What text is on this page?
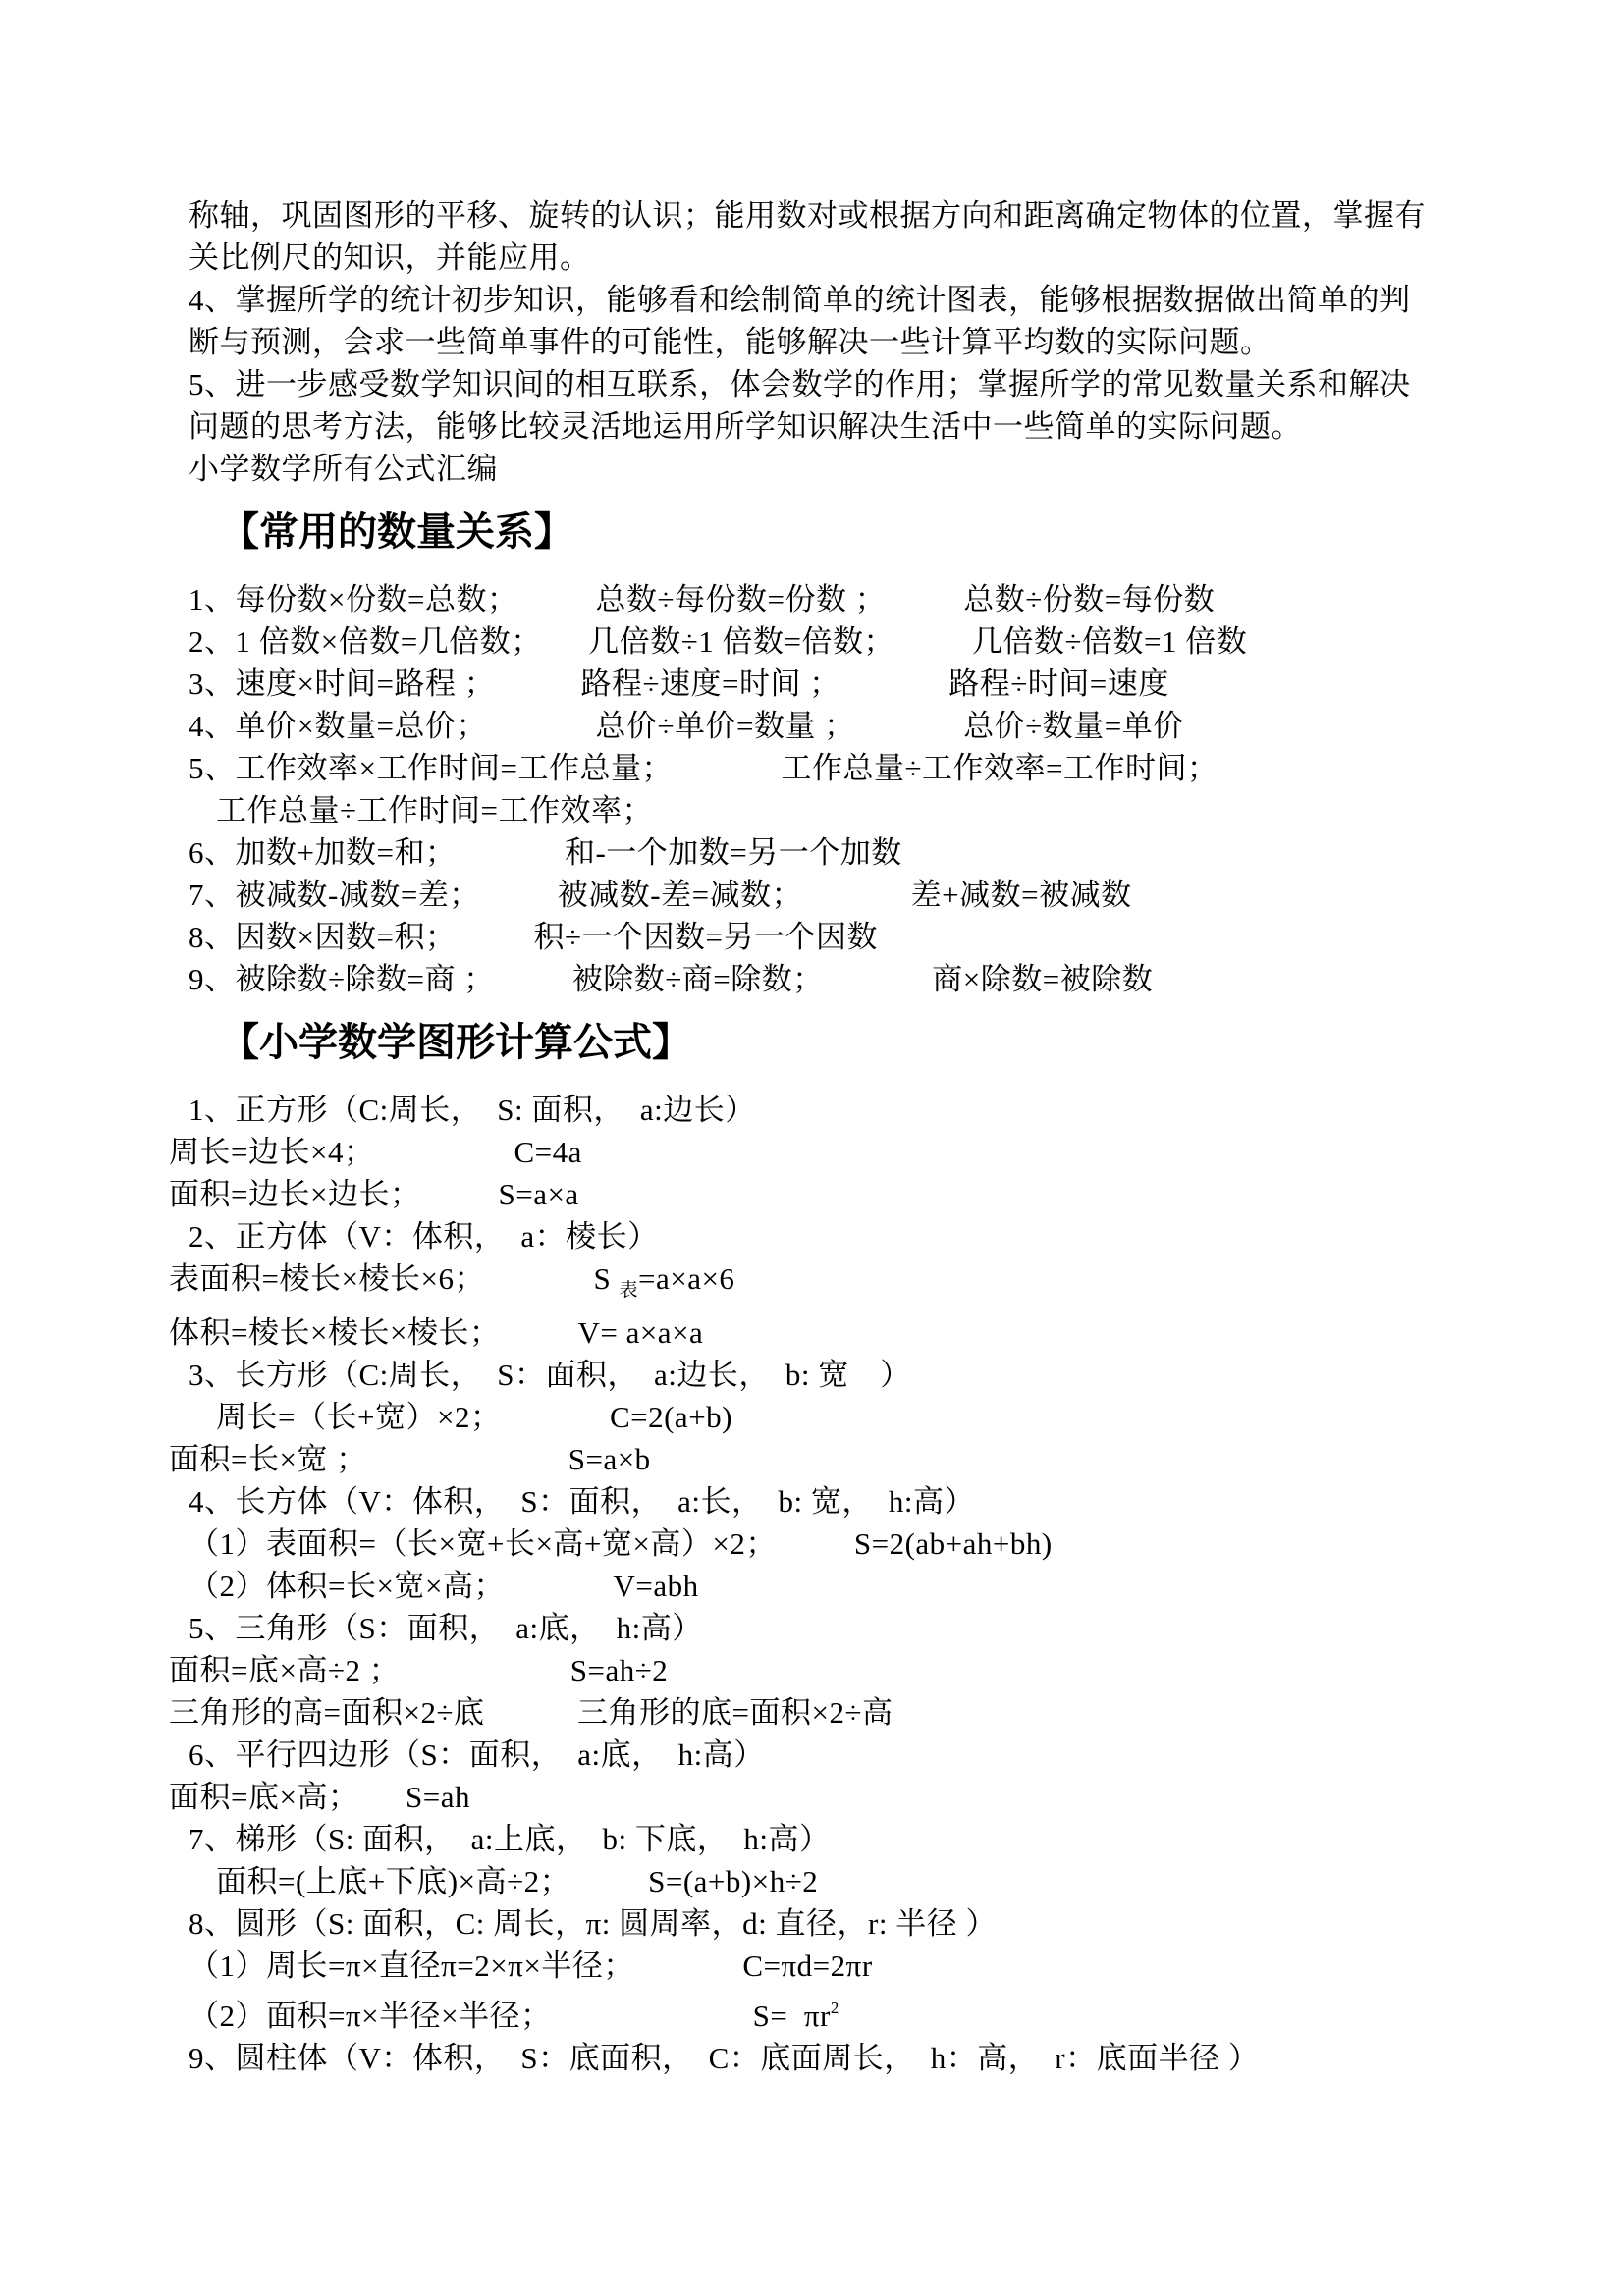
称轴，巩固图形的平移、旋转的认识；能用数对或根据方向和距离确定物体的位置，掌握有

关比例尺的知识，并能应用。

4、掌握所学的统计初步知识，能够看和绘制简单的统计图表，能够根据数据做出简单的判

断与预测，会求一些简单事件的可能性，能够解决一些计算平均数的实际问题。

5、进一步感受数学知识间的相互联系，体会数学的作用；掌握所学的常见数量关系和解决

问题的思考方法，能够比较灵活地运用所学知识解决生活中一些简单的实际问题。

小学数学所有公式汇编

【常用的数量关系】

1、每份数×份数=总数；　　　总数÷每份数=份数 ；　　　总数÷份数=每份数

2、1 倍数×倍数=几倍数；　　几倍数÷1 倍数=倍数；　　　几倍数÷倍数=1 倍数

3、速度×时间=路程 ；　　　 路程÷速度=时间 ；　　　　路程÷时间=速度

4、单价×数量=总价；　　　　总价÷单价=数量 ；　　　　总价÷数量=单价

5、工作效率×工作时间=工作总量；　　　　工作总量÷工作效率=工作时间；

工作总量÷工作时间=工作效率；

6、加数+加数=和；　　　　和-一个加数=另一个加数

7、被减数-减数=差；　　　被减数-差=减数；　　　　差+减数=被减数

8、因数×因数=积；　　　积÷一个因数=另一个因数

9、被除数÷除数=商 ；　　　被除数÷商=除数；　　　　商×除数=被除数

【小学数学图形计算公式】

1、正方形（C:周长，　S: 面积，　a:边长）

周长=边长×4；　　　　　C=4a

面积=边长×边长；　　　S=a×a

2、正方体（V：体积，　a：棱长）

表面积=棱长×棱长×6；　　　　S $_表$=a×a×6

体积=棱长×棱长×棱长；　　　V= a×a×a

3、长方形（C:周长，　S：面积，　a:边长，　b: 宽　）

周长=（长+宽）×2；　　　　C=2(a+b)

面积=长×宽 ；　　　　　　　S=a×b

4、长方体（V：体积，　S：面积，　a:长，　b: 宽，　h:高）

（1）表面积=（长×宽+长×高+宽×高）×2；　　　S=2(ab+ah+bh)

（2）体积=长×宽×高；　　　　V=abh

5、三角形（S：面积，　a:底，　h:高）

面积=底×高÷2 ；　　　　　　S=ah÷2

三角形的高=面积×2÷底　　　三角形的底=面积×2÷高

6、平行四边形（S：面积，　a:底，　h:高）

面积=底×高；　　S=ah

7、梯形（S: 面积，　a:上底，　b: 下底，　h:高）

面积=(上底+下底)×高÷2；　　　S=(a+b)×h÷2

8、圆形（S: 面积，C: 周长，π: 圆周率，d: 直径，r: 半径 ）

（1）周长=π×直径π=2×π×半径；　　　　C=πd=2πr

（2）面积=π×半径×半径；　　　　　　　$S= \pi r^2$

9、圆柱体（V：体积，　S：底面积，　C：底面周长，　h：高，　r：底面半径 ）
